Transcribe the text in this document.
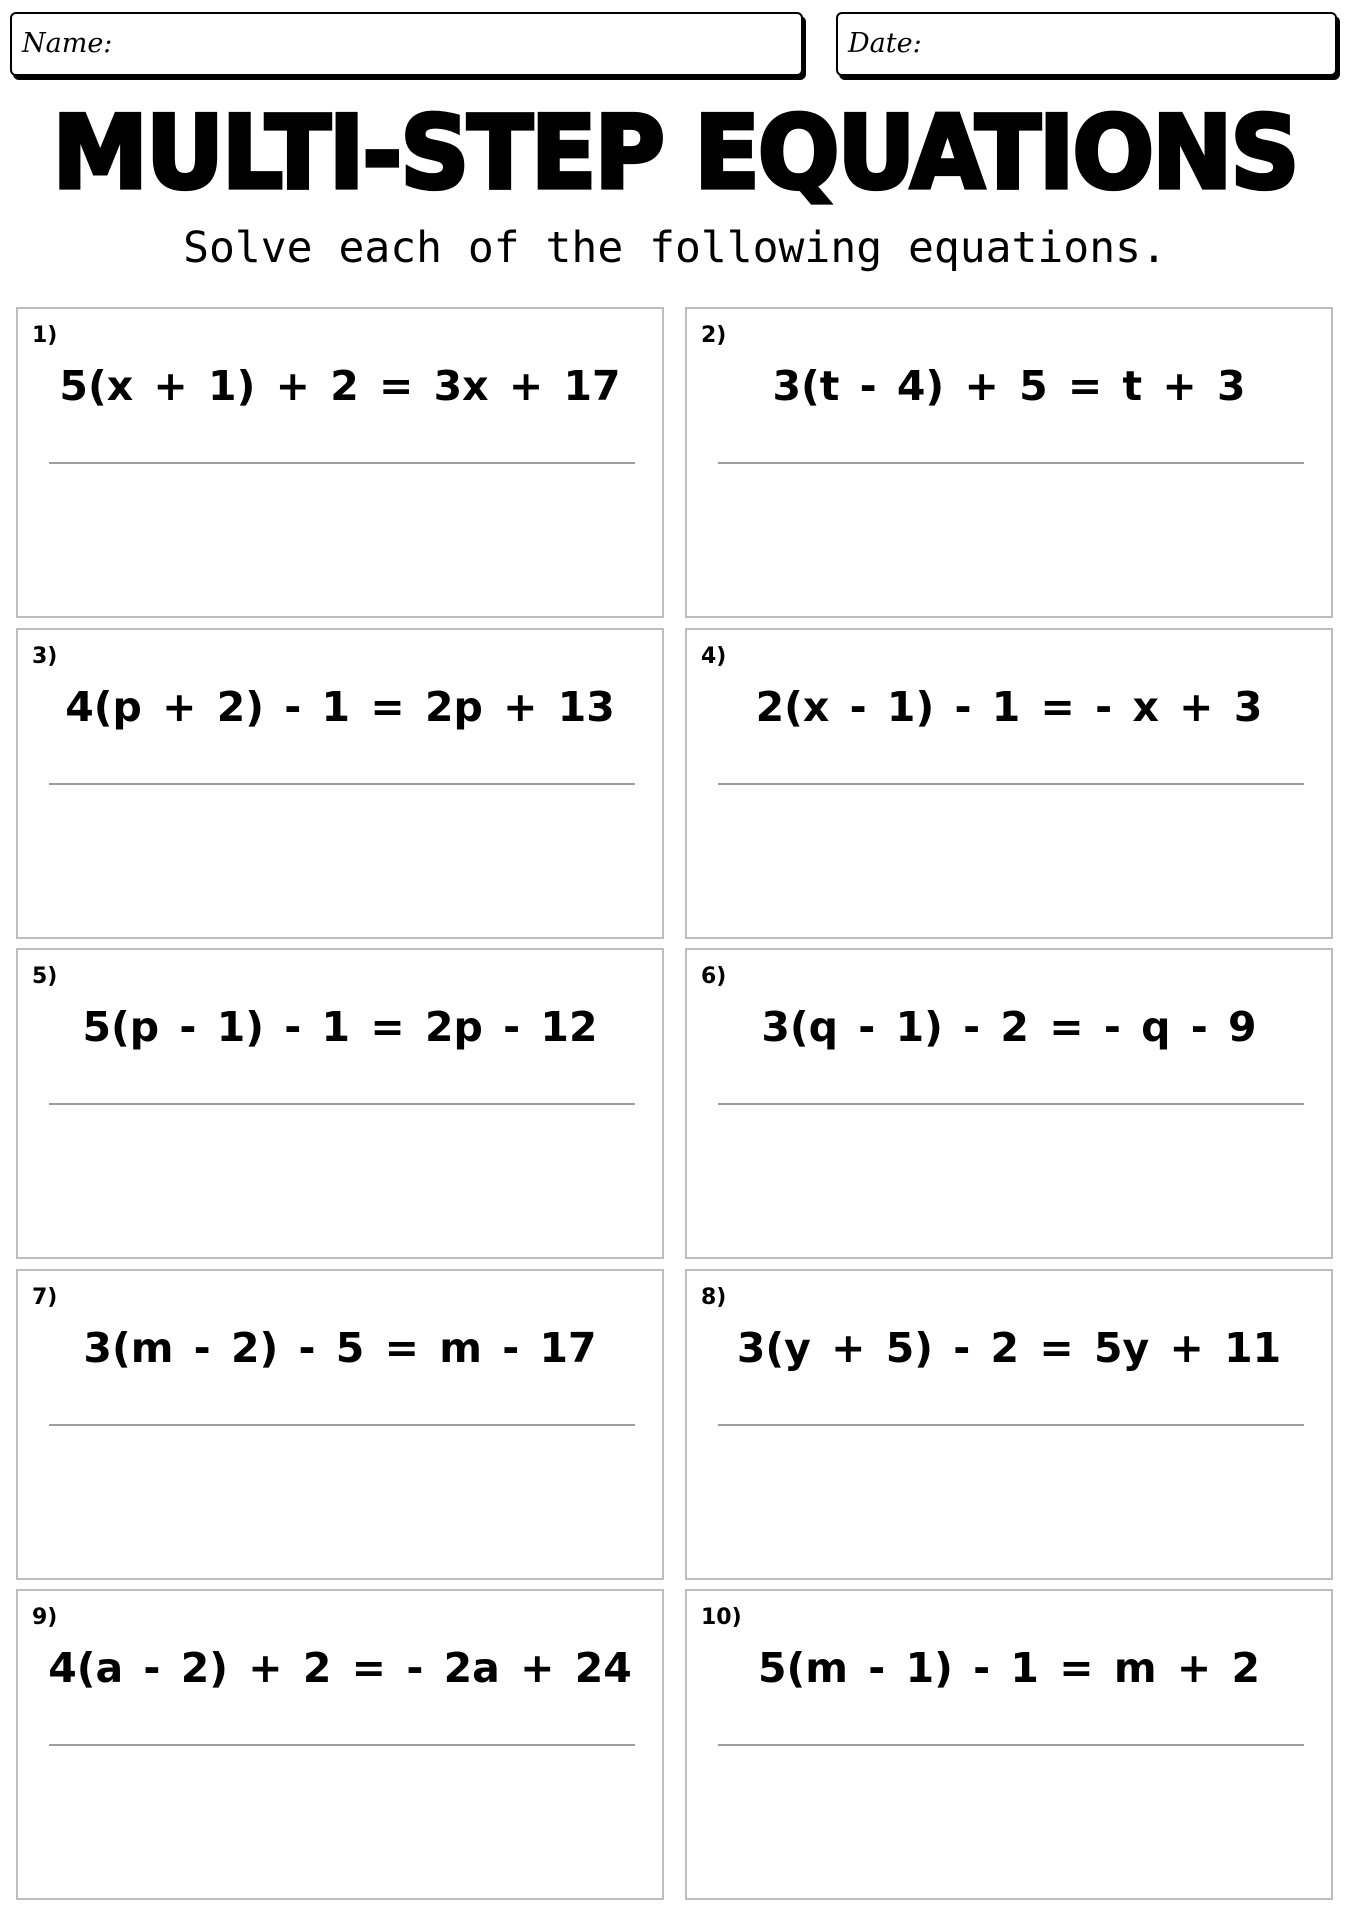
Name:	Date:
MULTI-STEP EQUATIONS
Solve each of the following equations.
1)
5(x + 1) + 2 = 3x + 17
2)
3(t - 4) + 5 = t + 3
3)
4(p + 2) - 1 = 2p + 13
4)
2(x - 1) - 1 = - x + 3
5)
5(p - 1) - 1 = 2p - 12
6)
3(q - 1) - 2 = - q - 9
7)
3(m - 2) - 5 = m - 17
8)
3(y + 5) - 2 = 5y + 11
9)
4(a - 2) + 2 = - 2a + 24
10)
5(m - 1) - 1 = m + 2
